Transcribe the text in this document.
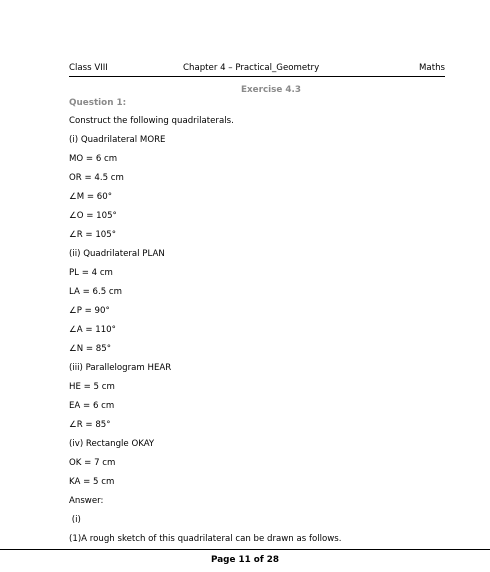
Class VIII	Chapter 4 – Practical_Geometry	Maths
Exercise 4.3
Question 1:
Construct the following quadrilaterals.
(i) Quadrilateral MORE
MO = 6 cm
OR = 4.5 cm
∠M = 60°
∠O = 105°
∠R = 105°
(ii) Quadrilateral PLAN
PL = 4 cm
LA = 6.5 cm
∠P = 90°
∠A = 110°
∠N = 85°
(iii) Parallelogram HEAR
HE = 5 cm
EA = 6 cm
∠R = 85°
(iv) Rectangle OKAY
OK = 7 cm
KA = 5 cm
Answer:
(i)
(1)A rough sketch of this quadrilateral can be drawn as follows.
Page 11 of 28
